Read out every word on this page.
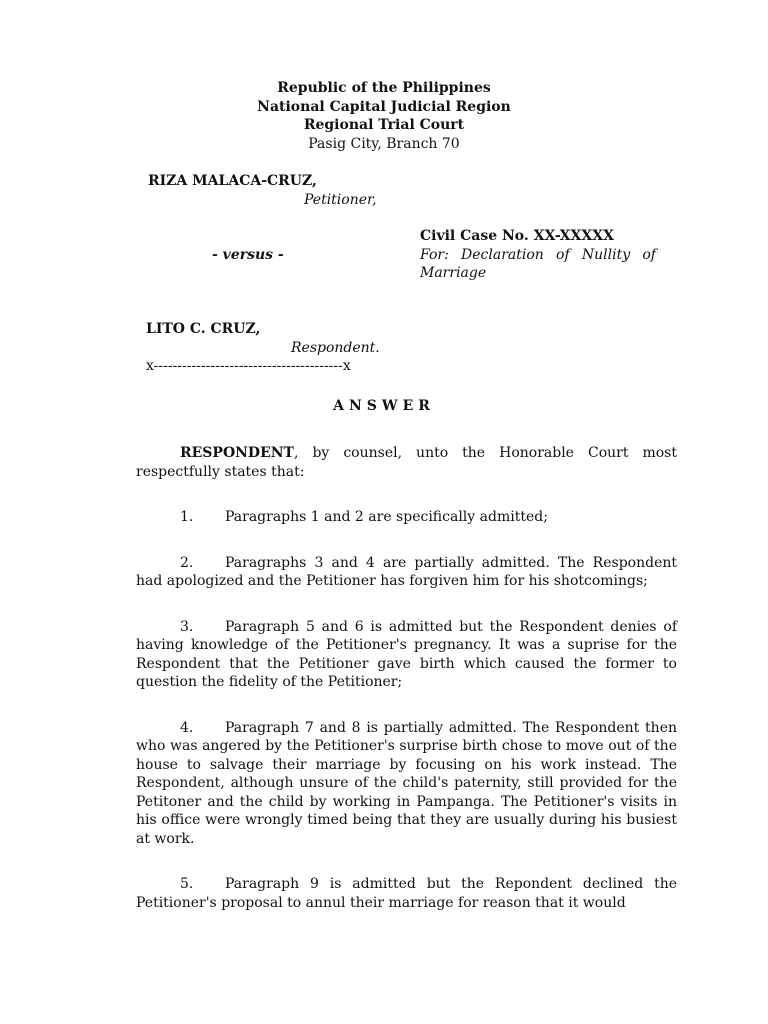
Republic of the Philippines
National Capital Judicial Region
Regional Trial Court
Pasig City, Branch 70
RIZA MALACA-CRUZ,
Petitioner,
- versus -
Civil Case No. XX-XXXXX
For: Declaration of Nullity of Marriage
LITO C. CRUZ,
Respondent.
x----------------------------------------x
ANSWER

RESPONDENT, by counsel, unto the Honorable Court most respectfully states that:

1. Paragraphs 1 and 2 are specifically admitted;

2. Paragraphs 3 and 4 are partially admitted. The Respondent had apologized and the Petitioner has forgiven him for his shotcomings;

3. Paragraph 5 and 6 is admitted but the Respondent denies of having knowledge of the Petitioner's pregnancy. It was a suprise for the Respondent that the Petitioner gave birth which caused the former to question the fidelity of the Petitioner;

4. Paragraph 7 and 8 is partially admitted. The Respondent then who was angered by the Petitioner's surprise birth chose to move out of the house to salvage their marriage by focusing on his work instead. The Respondent, although unsure of the child's paternity, still provided for the Petitoner and the child by working in Pampanga. The Petitioner's visits in his office were wrongly timed being that they are usually during his busiest at work.

5. Paragraph 9 is admitted but the Repondent declined the Petitioner's proposal to annul their marriage for reason that it would
